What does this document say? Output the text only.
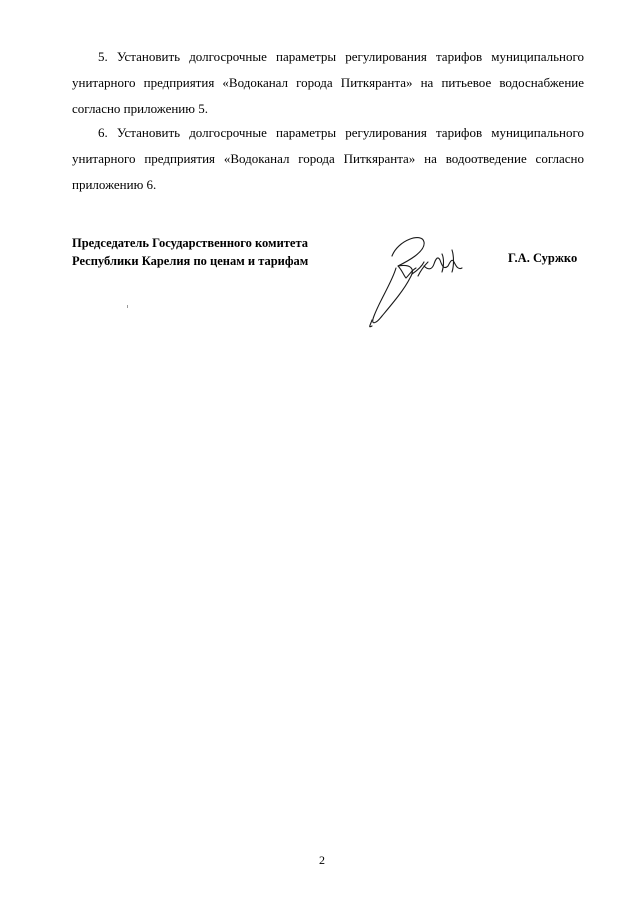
5. Установить долгосрочные параметры регулирования тарифов муниципального унитарного предприятия «Водоканал города Питкяранта» на питьевое водоснабжение согласно приложению 5.

6. Установить долгосрочные параметры регулирования тарифов муниципального унитарного предприятия «Водоканал города Питкяранта» на водоотведение согласно приложению 6.

Председатель Государственного комитета
Республики Карелия по ценам и тарифам	Г.А. Суржко
2
